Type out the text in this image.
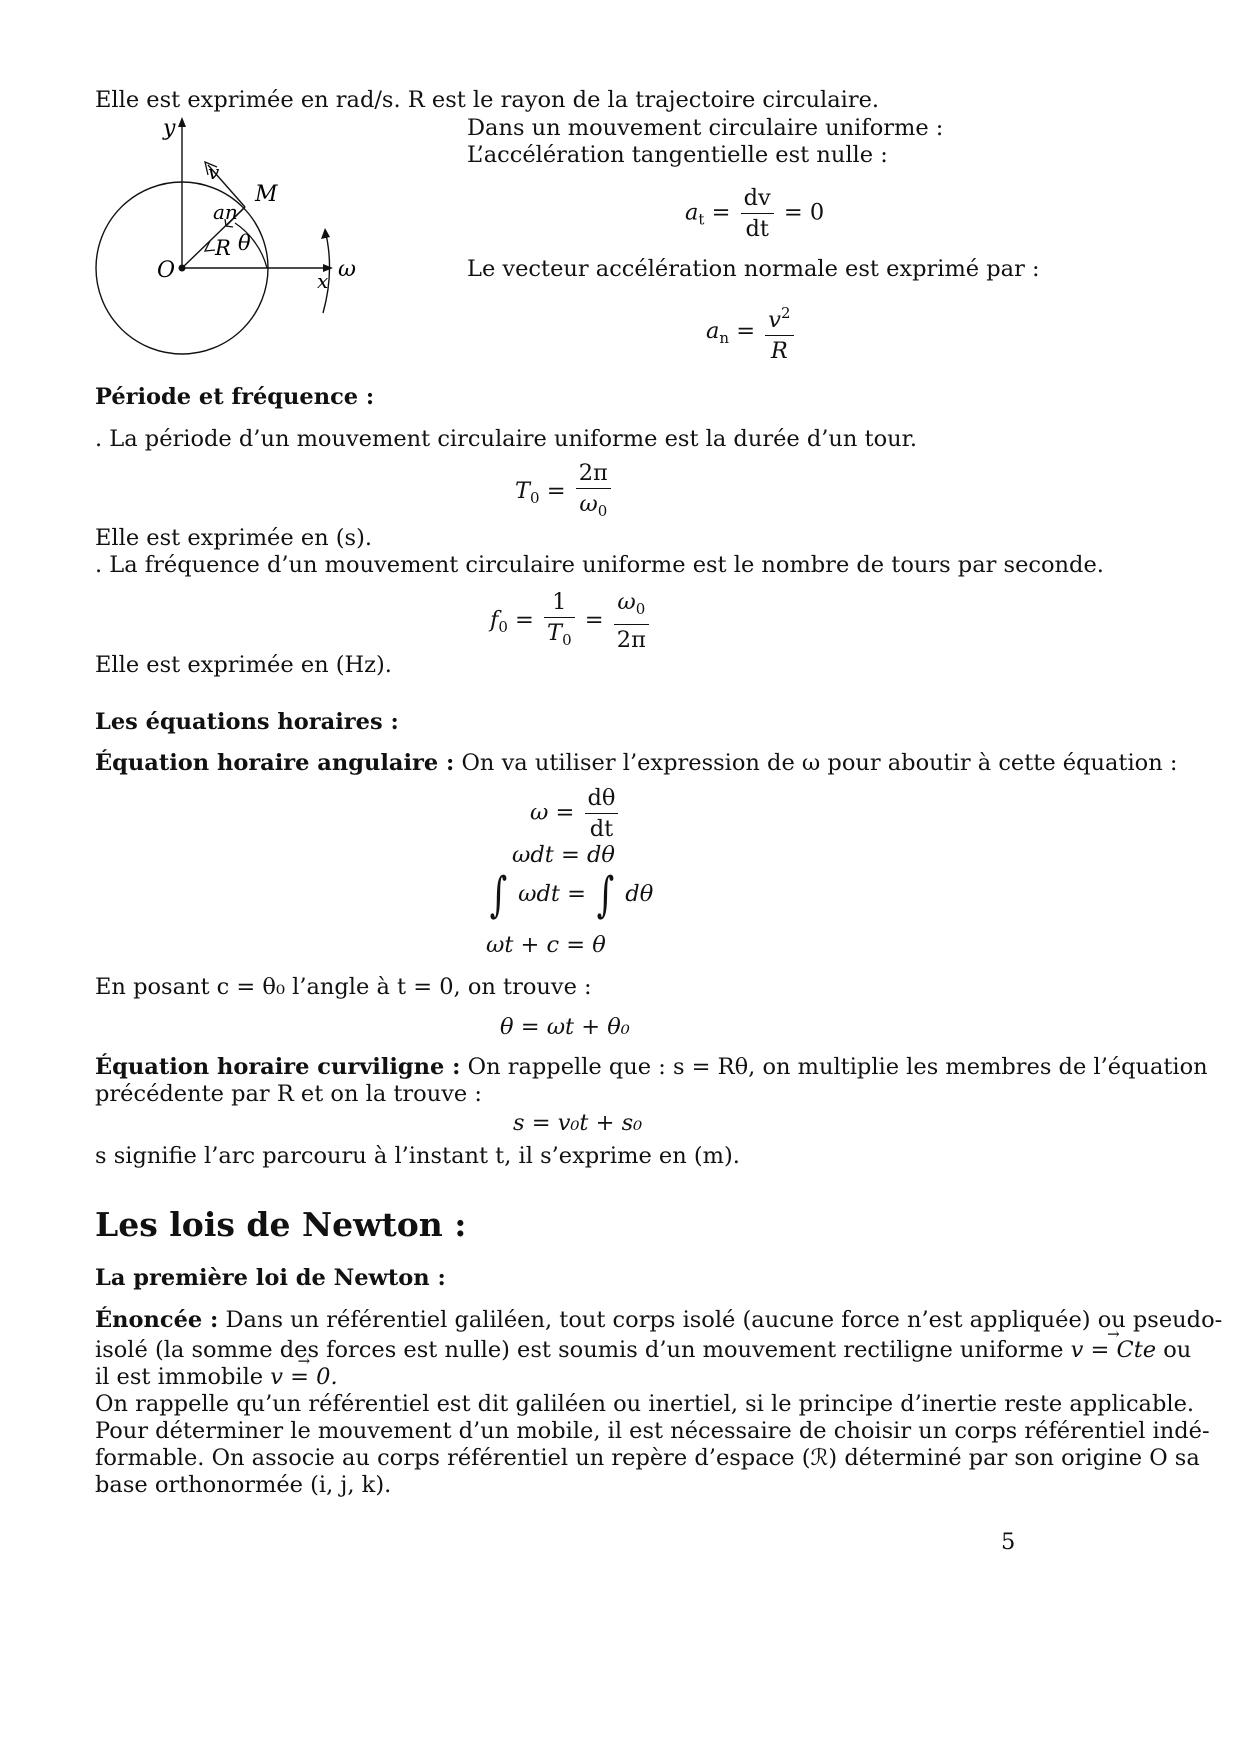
Elle est exprimée en rad/s. R est le rayon de la trajectoire circulaire.
y
x
O
M
v
an
R θ
ω
Dans un mouvement circulaire uniforme :
L’accélération tangentielle est nulle :
$a_t = \frac{dv}{dt} = 0$
Le vecteur accélération normale est exprimé par :
$a_n = \frac{v^2}{R}$
Période et fréquence :
. La période d’un mouvement circulaire uniforme est la durée d’un tour.
$T_0 = \frac{2\pi}{\omega_0}$
Elle est exprimée en (s).
. La fréquence d’un mouvement circulaire uniforme est le nombre de tours par seconde.
$f_0 = \frac{1}{T_0} = \frac{\omega_0}{2\pi}$
Elle est exprimée en (Hz).
Les équations horaires :
Équation horaire angulaire : On va utiliser l’expression de ω pour aboutir à cette équation :
$\omega = \frac{d\theta}{dt}$
ωdt = dθ
∫ ωdt = ∫ dθ
ωt + c = θ
En posant c = θ₀ l’angle à t = 0, on trouve :
θ = ωt + θ₀
Équation horaire curviligne : On rappelle que : s = Rθ, on multiplie les membres de l’équation
précédente par R et on la trouve :
s = v₀t + s₀
s signifie l’arc parcouru à l’instant t, il s’exprime en (m).
Les lois de Newton :
La première loi de Newton :
Énoncée : Dans un référentiel galiléen, tout corps isolé (aucune force n’est appliquée) ou pseudo-
isolé (la somme des forces est nulle) est soumis d’un mouvement rectiligne uniforme → v = Cte ou
il est immobile → v = 0.
On rappelle qu’un référentiel est dit galiléen ou inertiel, si le principe d’inertie reste applicable.
Pour déterminer le mouvement d’un mobile, il est nécessaire de choisir un corps référentiel indé-
formable. On associe au corps référentiel un repère d’espace (ℛ) déterminé par son origine O sa
base orthonormée (i, j, k).
5
